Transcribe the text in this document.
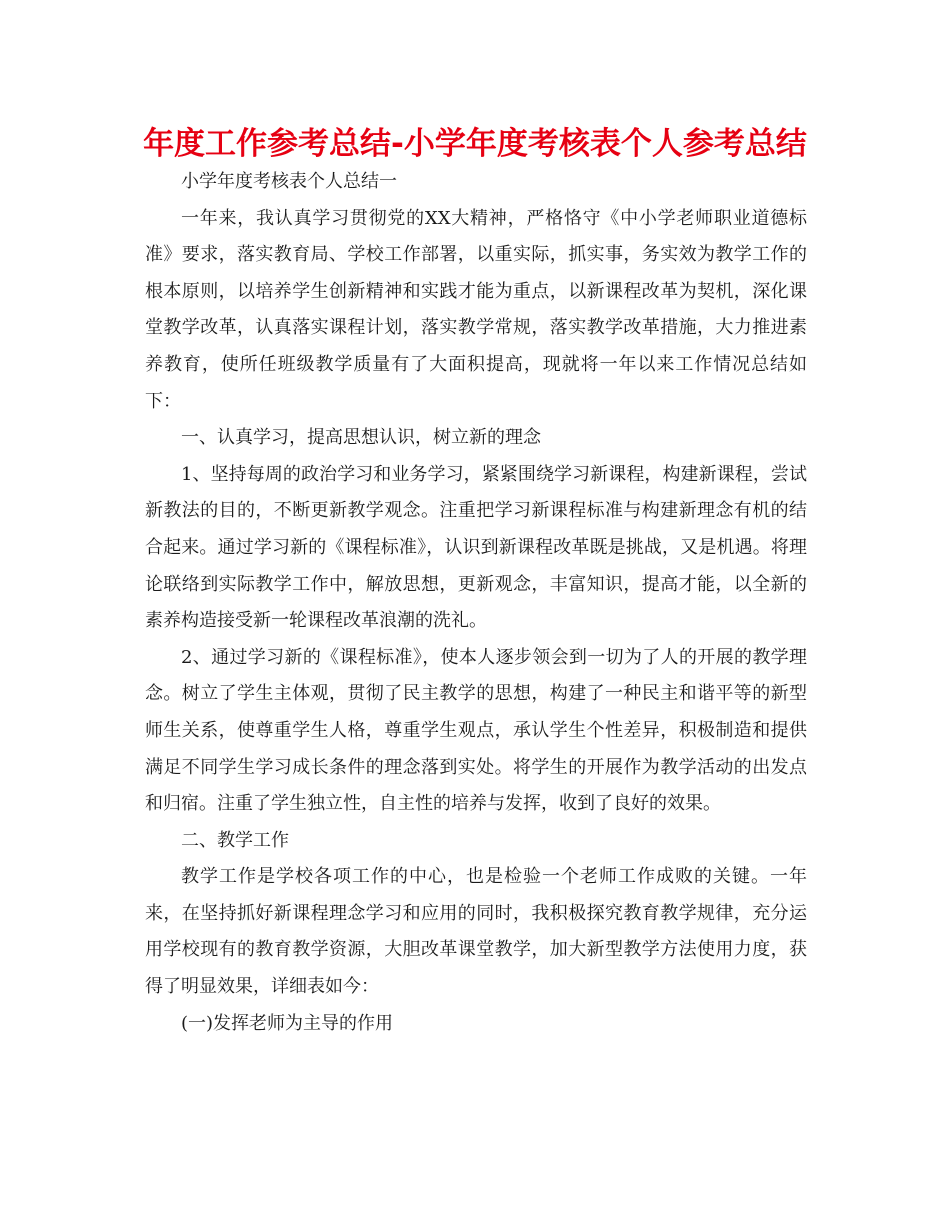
年度工作参考总结-小学年度考核表个人参考总结

小学年度考核表个人总结一

一年来，我认真学习贯彻党的XX大精神，严格恪守《中小学老师职业道德标准》要求，落实教育局、学校工作部署，以重实际，抓实事，务实效为教学工作的根本原则，以培养学生创新精神和实践才能为重点，以新课程改革为契机，深化课堂教学改革，认真落实课程计划，落实教学常规，落实教学改革措施，大力推进素养教育，使所任班级教学质量有了大面积提高，现就将一年以来工作情况总结如下：

一、认真学习，提高思想认识，树立新的理念

1、坚持每周的政治学习和业务学习，紧紧围绕学习新课程，构建新课程，尝试新教法的目的，不断更新教学观念。注重把学习新课程标准与构建新理念有机的结合起来。通过学习新的《课程标准》，认识到新课程改革既是挑战，又是机遇。将理论联络到实际教学工作中，解放思想，更新观念，丰富知识，提高才能，以全新的素养构造接受新一轮课程改革浪潮的洗礼。

2、通过学习新的《课程标准》，使本人逐步领会到一切为了人的开展的教学理念。树立了学生主体观，贯彻了民主教学的思想，构建了一种民主和谐平等的新型师生关系，使尊重学生人格，尊重学生观点，承认学生个性差异，积极制造和提供满足不同学生学习成长条件的理念落到实处。将学生的开展作为教学活动的出发点和归宿。注重了学生独立性，自主性的培养与发挥，收到了良好的效果。

二、教学工作

教学工作是学校各项工作的中心，也是检验一个老师工作成败的关键。一年来，在坚持抓好新课程理念学习和应用的同时，我积极探究教育教学规律，充分运用学校现有的教育教学资源，大胆改革课堂教学，加大新型教学方法使用力度，获得了明显效果，详细表如今：

(一)发挥老师为主导的作用
